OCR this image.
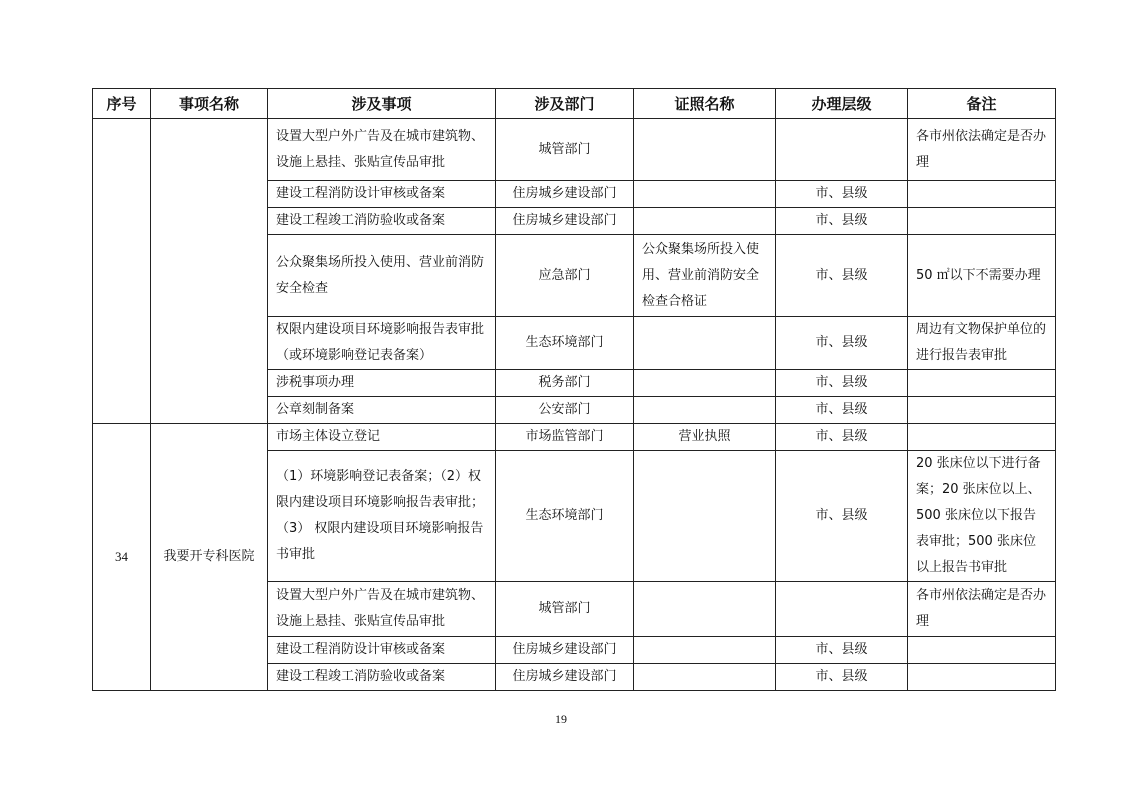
序号	事项名称	涉及事项	涉及部门	证照名称	办理层级	备注
		设置大型户外广告及在城市建筑物、设施上悬挂、张贴宣传品审批	城管部门			各市州依法确定是否办理
		建设工程消防设计审核或备案	住房城乡建设部门		市、县级	
		建设工程竣工消防验收或备案	住房城乡建设部门		市、县级	
		公众聚集场所投入使用、营业前消防安全检查	应急部门	公众聚集场所投入使用、营业前消防安全检查合格证	市、县级	50 ㎡以下不需要办理
		权限内建设项目环境影响报告表审批（或环境影响登记表备案）	生态环境部门		市、县级	周边有文物保护单位的进行报告表审批
		涉税事项办理	税务部门		市、县级	
		公章刻制备案	公安部门		市、县级	
34	我要开专科医院	市场主体设立登记	市场监管部门	营业执照	市、县级	
		（1）环境影响登记表备案；（2）权限内建设项目环境影响报告表审批；（3） 权限内建设项目环境影响报告书审批	生态环境部门		市、县级	20 张床位以下进行备案；20 张床位以上、500 张床位以下报告表审批；500 张床位以上报告书审批
		设置大型户外广告及在城市建筑物、设施上悬挂、张贴宣传品审批	城管部门			各市州依法确定是否办理
		建设工程消防设计审核或备案	住房城乡建设部门		市、县级	
		建设工程竣工消防验收或备案	住房城乡建设部门		市、县级	
19
